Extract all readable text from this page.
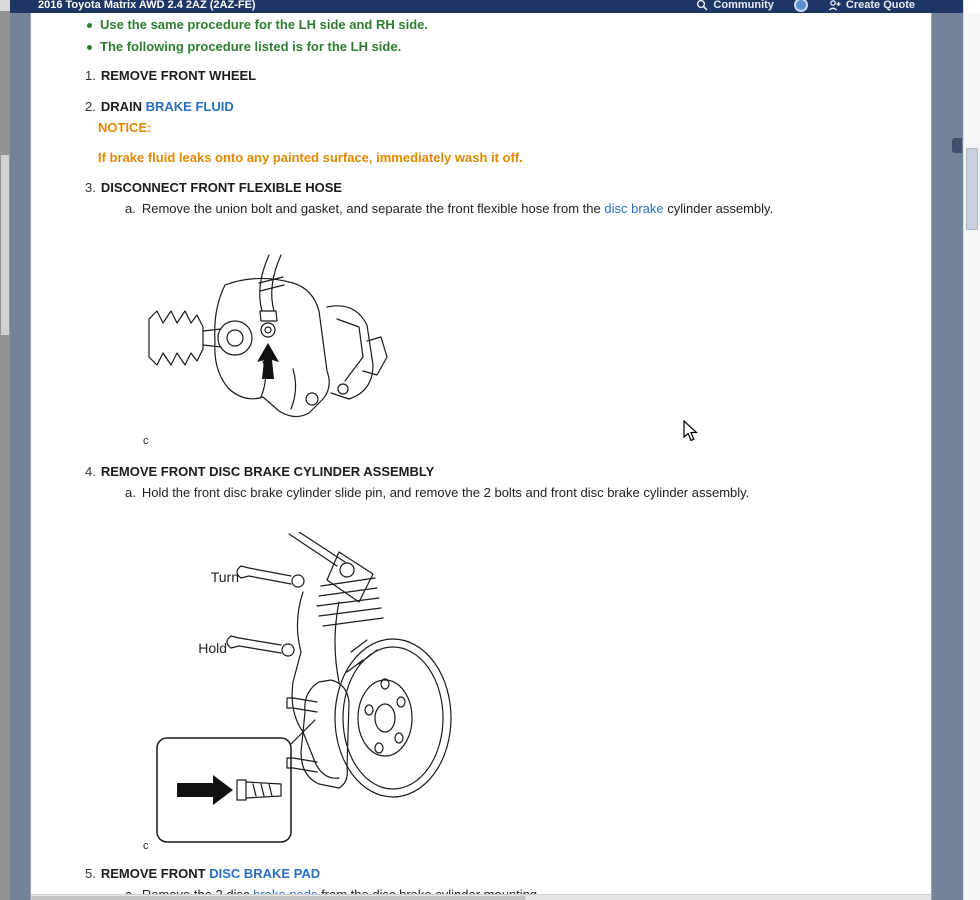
2016 Toyota Matrix AWD 2.4 2AZ (2AZ-FE)	Community	Create Quote
Use the same procedure for the LH side and RH side.
The following procedure listed is for the LH side.
1. REMOVE FRONT WHEEL
2. DRAIN BRAKE FLUID
NOTICE:
If brake fluid leaks onto any painted surface, immediately wash it off.
3. DISCONNECT FRONT FLEXIBLE HOSE
a. Remove the union bolt and gasket, and separate the front flexible hose from the disc brake cylinder assembly.
c
4. REMOVE FRONT DISC BRAKE CYLINDER ASSEMBLY
a. Hold the front disc brake cylinder slide pin, and remove the 2 bolts and front disc brake cylinder assembly.
Turn
Hold
c
5. REMOVE FRONT DISC BRAKE PAD
